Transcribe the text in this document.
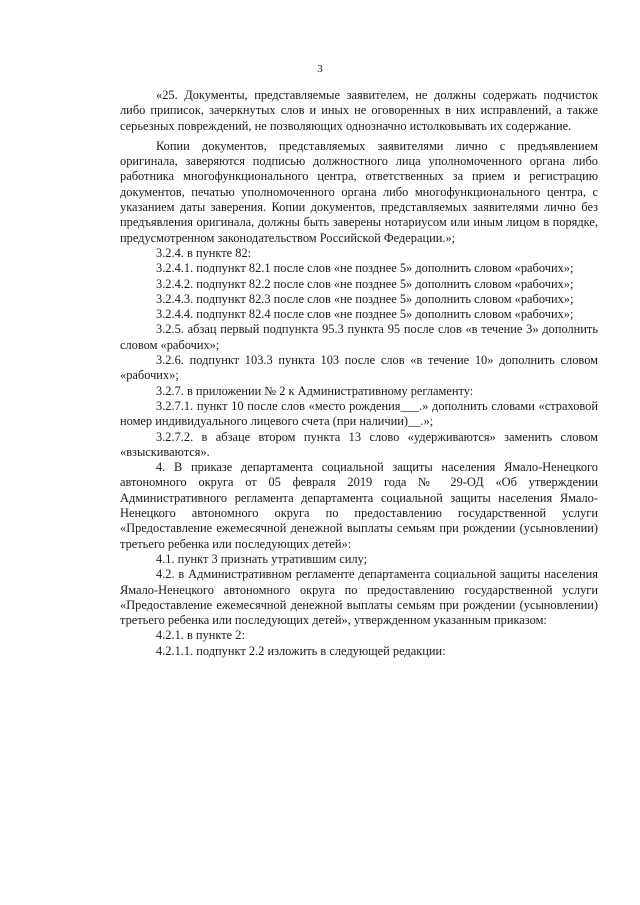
3

«25. Документы, представляемые заявителем, не должны содержать подчисток либо приписок, зачеркнутых слов и иных не оговоренных в них исправлений, а также серьезных повреждений, не позволяющих однозначно истолковывать их содержание.

Копии документов, представляемых заявителями лично с предъявлением оригинала, заверяются подписью должностного лица уполномоченного органа либо работника многофункционального центра, ответственных за прием и регистрацию документов, печатью уполномоченного органа либо многофункционального центра, с указанием даты заверения. Копии документов, представляемых заявителями лично без предъявления оригинала, должны быть заверены нотариусом или иным лицом в порядке, предусмотренном законодательством Российской Федерации.»;

3.2.4. в пункте 82:

3.2.4.1. подпункт 82.1 после слов «не позднее 5» дополнить словом «рабочих»;

3.2.4.2. подпункт 82.2 после слов «не позднее 5» дополнить словом «рабочих»;

3.2.4.3. подпункт 82.3 после слов «не позднее 5» дополнить словом «рабочих»;

3.2.4.4. подпункт 82.4 после слов «не позднее 5» дополнить словом «рабочих»;

3.2.5. абзац первый подпункта 95.3 пункта 95 после слов «в течение 3» дополнить словом «рабочих»;

3.2.6. подпункт 103.3 пункта 103 после слов «в течение 10» дополнить словом «рабочих»;

3.2.7. в приложении № 2 к Административному регламенту:

3.2.7.1. пункт 10 после слов «место рождения___.» дополнить словами «страховой номер индивидуального лицевого счета (при наличии)__.»;

3.2.7.2. в абзаце втором пункта 13 слово «удерживаются» заменить словом «взыскиваются».

4. В приказе департамента социальной защиты населения Ямало-Ненецкого автономного округа от 05 февраля 2019 года № 29-ОД «Об утверждении Административного регламента департамента социальной защиты населения Ямало-Ненецкого автономного округа по предоставлению государственной услуги «Предоставление ежемесячной денежной выплаты семьям при рождении (усыновлении) третьего ребенка или последующих детей»:

4.1. пункт 3 признать утратившим силу;

4.2. в Административном регламенте департамента социальной защиты населения Ямало-Ненецкого автономного округа по предоставлению государственной услуги «Предоставление ежемесячной денежной выплаты семьям при рождении (усыновлении) третьего ребенка или последующих детей», утвержденном указанным приказом:

4.2.1. в пункте 2:

4.2.1.1. подпункт 2.2 изложить в следующей редакции:
